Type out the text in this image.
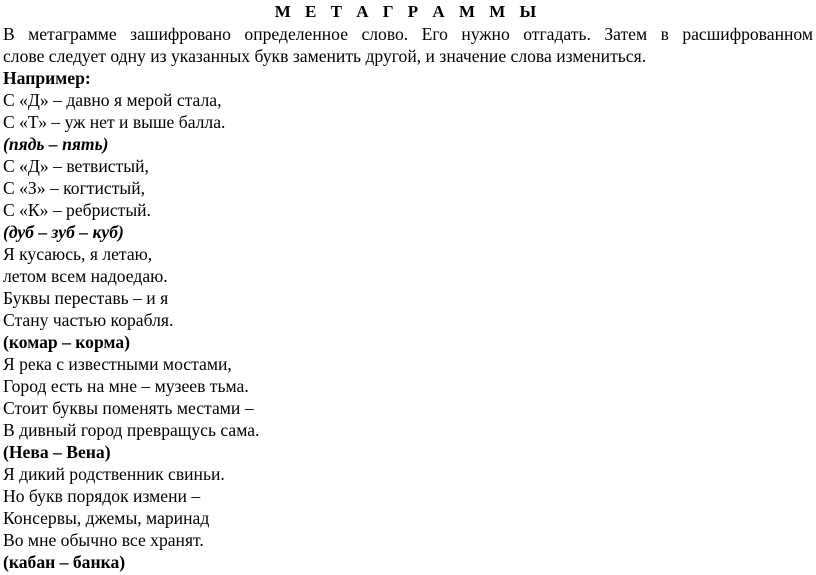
М Е Т А Г Р А М М Ы
В метаграмме зашифровано определенное слово. Его нужно отгадать. Затем в расшифрованном
слове следует одну из указанных букв заменить другой, и значение слова измениться.
Например:
С «Д» – давно я мерой стала,
С «Т» – уж нет и выше балла.
(пядь – пять)
С «Д» – ветвистый,
С «З» – когтистый,
С «К» – ребристый.
(дуб – зуб – куб)
Я кусаюсь, я летаю,
летом всем надоедаю.
Буквы переставь – и я
Стану частью корабля.
(комар – корма)
Я река с известными мостами,
Город есть на мне – музеев тьма.
Стоит буквы поменять местами –
В дивный город превращусь сама.
(Нева – Вена)
Я дикий родственник свиньи.
Но букв порядок измени –
Консервы, джемы, маринад
Во мне обычно все хранят.
(кабан – банка)
